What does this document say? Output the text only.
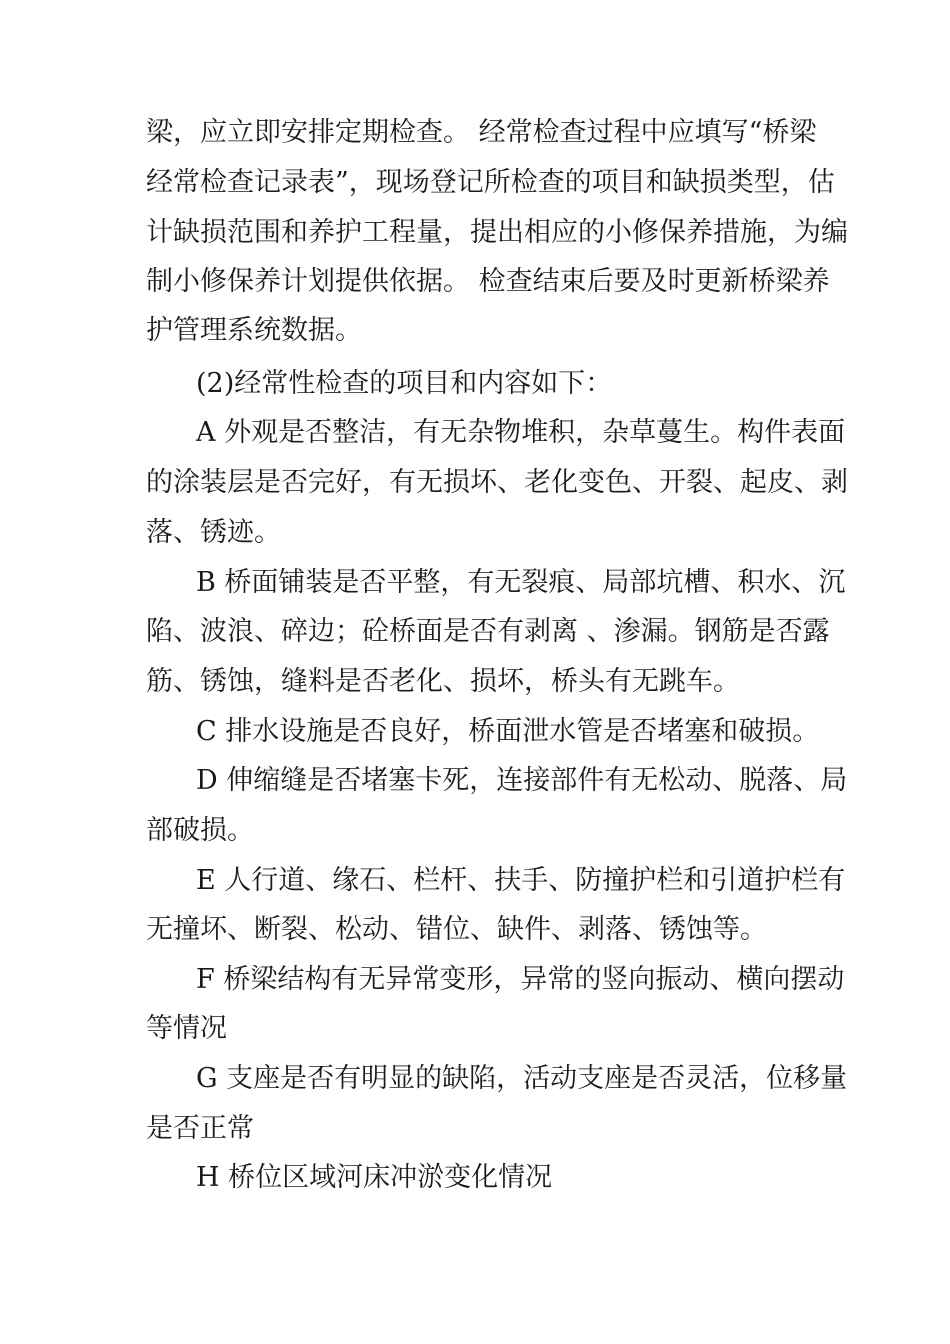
梁，应立即安排定期检查。 经常检查过程中应填写“桥梁
经常检查记录表”，现场登记所检查的项目和缺损类型，估
计缺损范围和养护工程量，提出相应的小修保养措施，为编
制小修保养计划提供依据。 检查结束后要及时更新桥梁养
护管理系统数据。
(2)经常性检查的项目和内容如下：
A 外观是否整洁，有无杂物堆积，杂草蔓生。构件表面
的涂装层是否完好，有无损坏、老化变色、开裂、起皮、剥
落、锈迹。
B 桥面铺装是否平整，有无裂痕、局部坑槽、积水、沉
陷、波浪、碎边；砼桥面是否有剥离 、渗漏。钢筋是否露
筋、锈蚀，缝料是否老化、损坏，桥头有无跳车。
C 排水设施是否良好，桥面泄水管是否堵塞和破损。
D 伸缩缝是否堵塞卡死，连接部件有无松动、脱落、局
部破损。
E 人行道、缘石、栏杆、扶手、防撞护栏和引道护栏有
无撞坏、断裂、松动、错位、缺件、剥落、锈蚀等。
F 桥梁结构有无异常变形，异常的竖向振动、横向摆动
等情况
G 支座是否有明显的缺陷，活动支座是否灵活，位移量
是否正常
H 桥位区域河床冲淤变化情况
